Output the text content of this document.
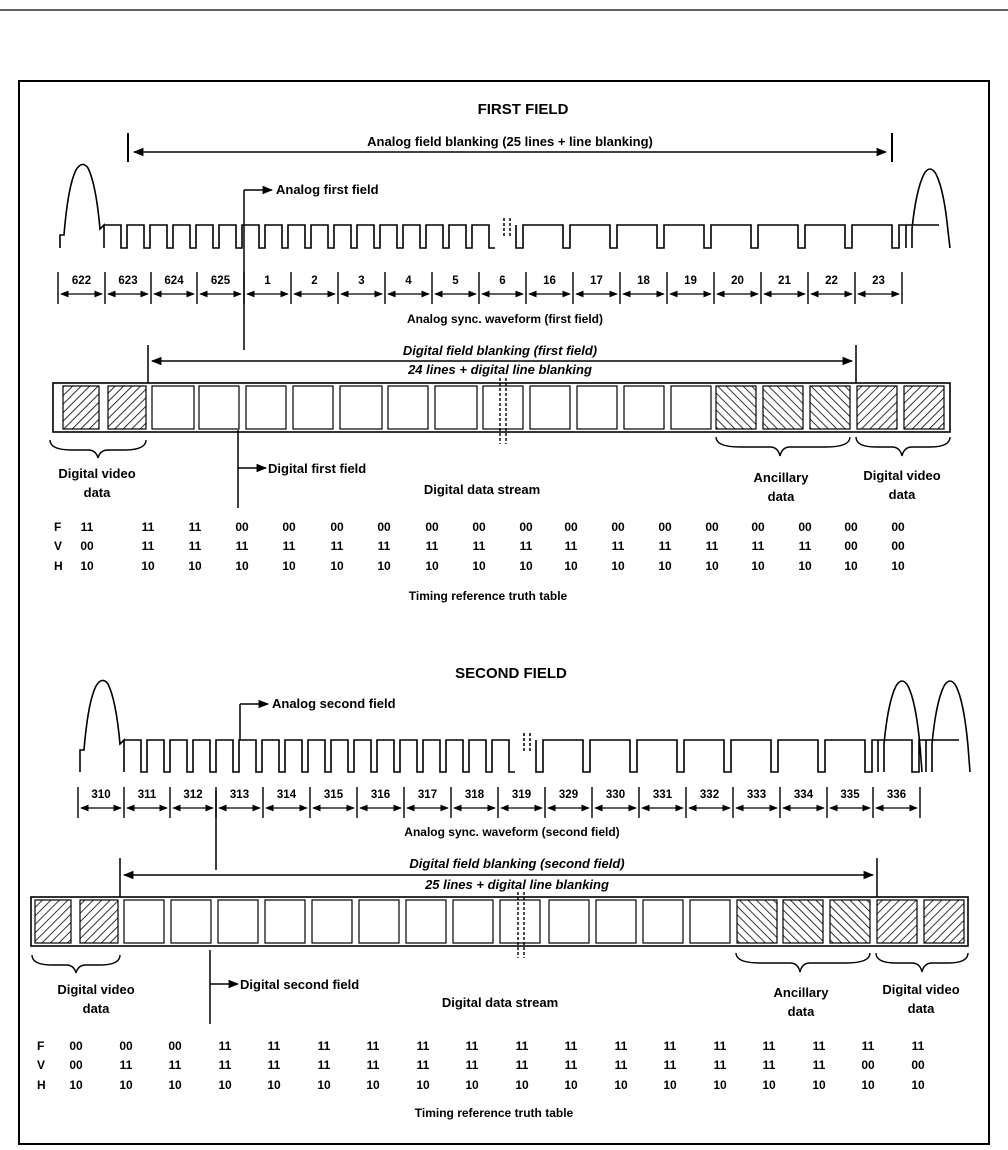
FIRST FIELD
Analog field blanking (25 lines + line blanking)
Analog first field
622 623 624 625	1	2	3	4	5	6	16	17	18	19	20	21	22	23
Analog sync. waveform (first field)
Digital field blanking (first field)
24 lines + digital line blanking
Digital video
data
Digital first field
Digital data stream
Ancillary
data
Digital video
data
F 11	11	11	00	00	00	00	00	00	00	00	00	00	00	00	00	00	00
V 00	11	11	11	11	11	11	11	11	11	11	11	11	11	11	11	00	00
H 10	10	10	10	10	10	10	10	10	10	10	10	10	10	10	10	10	10
Timing reference truth table
SECOND FIELD
Analog second field
310 311 312 313 314 315 316 317 318 319 329 330 331 332 333 334 335 336
Analog sync. waveform (second field)
Digital field blanking (second field)
25 lines + digital line blanking
Digital video
data
Digital second field
Digital data stream
Ancillary
data
Digital video
data
F 00	00	00	11	11	11	11	11	11	11	11	11	11	11	11	11	11	11
V 00	11	11	11	11	11	11	11	11	11	11	11	11	11	11	11	00	00
H 10	10	10	10	10	10	10	10	10	10	10	10	10	10	10	10	10	10
Timing reference truth table
